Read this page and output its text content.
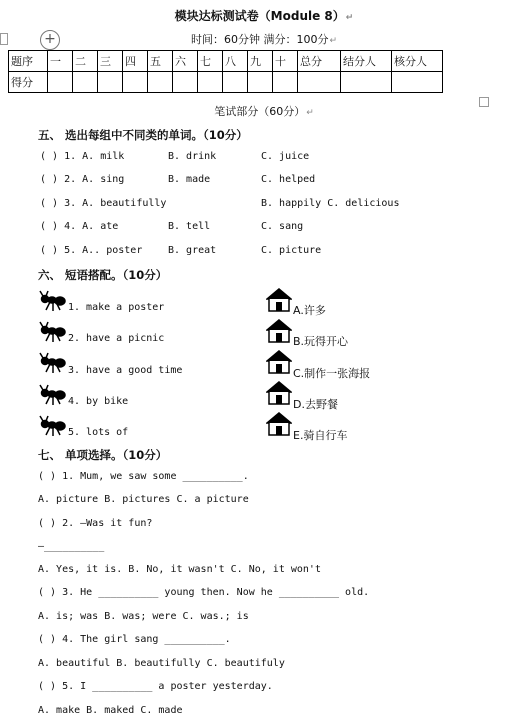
+
模块达标测试卷（Module 8）↵
时间：60分钟 满分：100分↵
题序	一	二	三	四	五	六	七	八	九	十	总分	结分人	核分人
得分													
笔试部分（60分）↵
五、 选出每组中不同类的单词。（10分）
( ) 1. A. milk	B. drink	C. juice
( ) 2. A. sing	B. made	C. helped
( ) 3. A. beautifully	B. happily C. delicious
( ) 4. A. ate	B. tell	C. sang
( ) 5. A.. poster	B. great	C. picture
六、 短语搭配。（10分）
1. make a poster
2. have a picnic
3. have a good time
4. by bike
5. lots of
A.许多
B.玩得开心
C.制作一张海报
D.去野餐
E.骑自行车
七、 单项选择。（10分）
( ) 1. Mum, we saw some __________.
A. picture B. pictures C. a picture
( ) 2. —Was it fun?
—__________
A. Yes, it is. B. No, it wasn't C. No, it won't
( ) 3. He __________ young then. Now he __________ old.
A. is; was B. was; were C. was.; is
( ) 4. The girl sang __________.
A. beautiful B. beautifully C. beautifuly
( ) 5. I __________ a poster yesterday.
A. make B. maked C. made
